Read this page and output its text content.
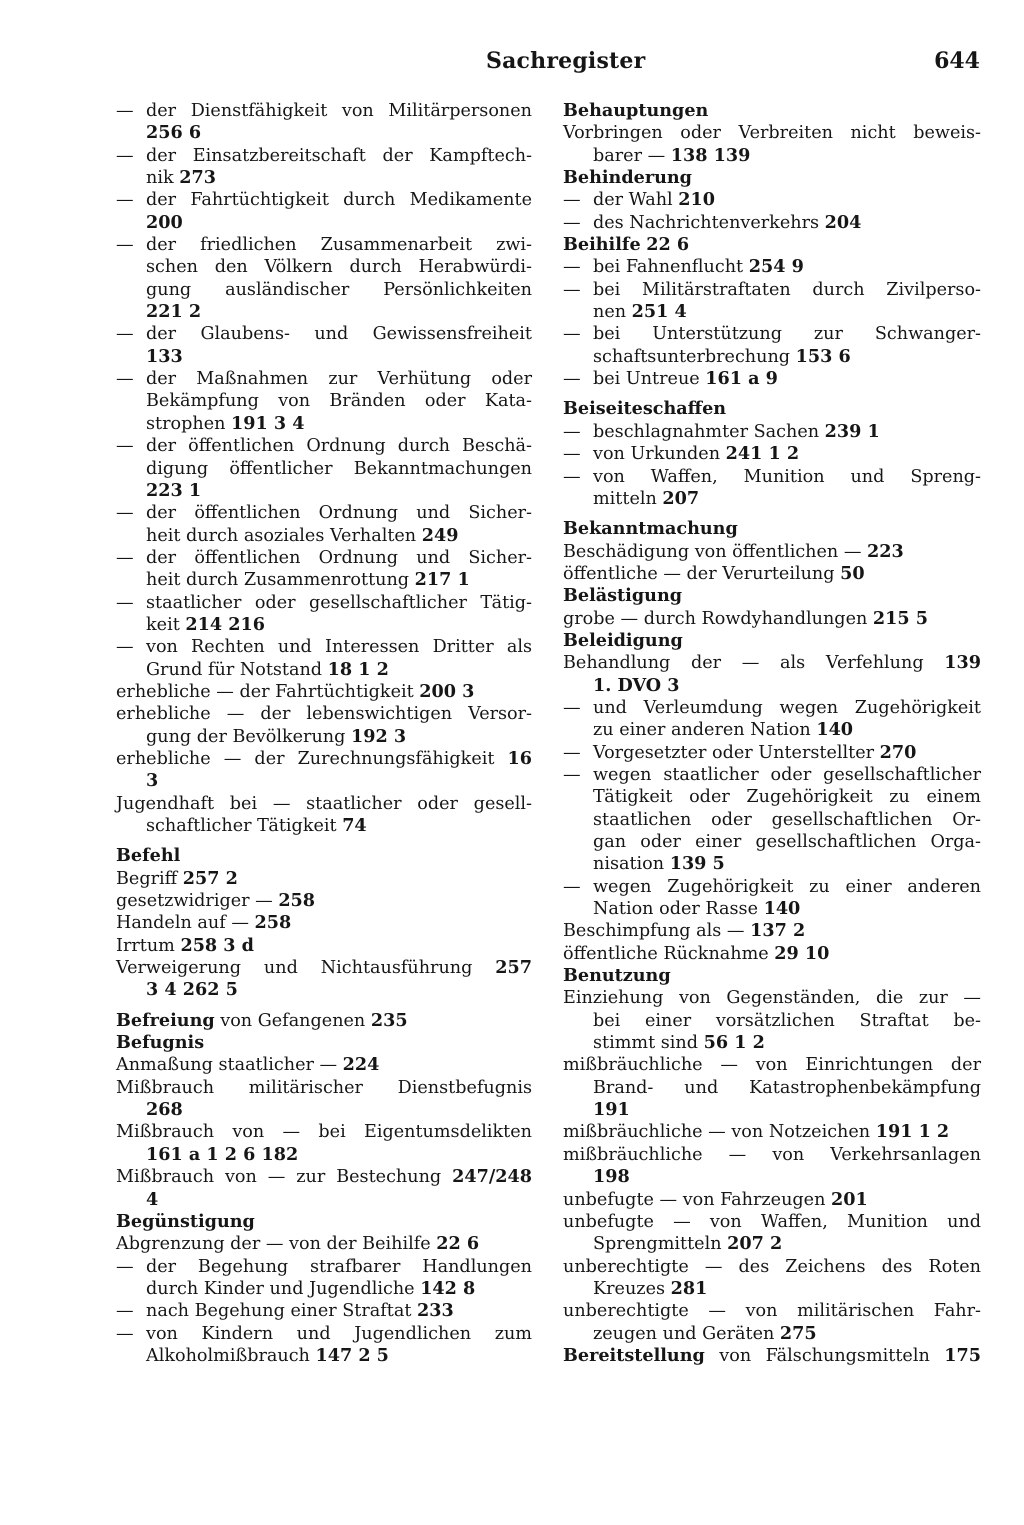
Sachregister	644
— der Dienstfähigkeit von Militärpersonen
256 6
— der Einsatzbereitschaft der Kampftech-
nik 273
— der Fahrtüchtigkeit durch Medikamente
200
— der friedlichen Zusammenarbeit zwi-
schen den Völkern durch Herabwürdi-
gung ausländischer Persönlichkeiten
221 2
— der Glaubens- und Gewissensfreiheit
133
— der Maßnahmen zur Verhütung oder
Bekämpfung von Bränden oder Kata-
strophen 191 3 4
— der öffentlichen Ordnung durch Beschä-
digung öffentlicher Bekanntmachungen
223 1
— der öffentlichen Ordnung und Sicher-
heit durch asoziales Verhalten 249
— der öffentlichen Ordnung und Sicher-
heit durch Zusammenrottung 217 1
— staatlicher oder gesellschaftlicher Tätig-
keit 214 216
— von Rechten und Interessen Dritter als
Grund für Notstand 18 1 2
erhebliche — der Fahrtüchtigkeit 200 3
erhebliche — der lebenswichtigen Versor-
gung der Bevölkerung 192 3
erhebliche — der Zurechnungsfähigkeit 16
3
Jugendhaft bei — staatlicher oder gesell-
schaftlicher Tätigkeit 74
Befehl
Begriff 257 2
gesetzwidriger — 258
Handeln auf — 258
Irrtum 258 3 d
Verweigerung und Nichtausführung 257
3 4 262 5
Befreiung von Gefangenen 235
Befugnis
Anmaßung staatlicher — 224
Mißbrauch militärischer Dienstbefugnis
268
Mißbrauch von — bei Eigentumsdelikten
161 a 1 2 6 182
Mißbrauch von — zur Bestechung 247/248
4
Begünstigung
Abgrenzung der — von der Beihilfe 22 6
— der Begehung strafbarer Handlungen
durch Kinder und Jugendliche 142 8
— nach Begehung einer Straftat 233
— von Kindern und Jugendlichen zum
Alkoholmißbrauch 147 2 5
Behauptungen
Vorbringen oder Verbreiten nicht beweis-
barer — 138 139
Behinderung
— der Wahl 210
— des Nachrichtenverkehrs 204
Beihilfe 22 6
— bei Fahnenflucht 254 9
— bei Militärstraftaten durch Zivilperso-
nen 251 4
— bei Unterstützung zur Schwanger-
schaftsunterbrechung 153 6
— bei Untreue 161 a 9
Beiseiteschaffen
— beschlagnahmter Sachen 239 1
— von Urkunden 241 1 2
— von Waffen, Munition und Spreng-
mitteln 207
Bekanntmachung
Beschädigung von öffentlichen — 223
öffentliche — der Verurteilung 50
Belästigung
grobe — durch Rowdyhandlungen 215 5
Beleidigung
Behandlung der — als Verfehlung 139
1. DVO 3
— und Verleumdung wegen Zugehörigkeit
zu einer anderen Nation 140
— Vorgesetzter oder Unterstellter 270
— wegen staatlicher oder gesellschaftlicher
Tätigkeit oder Zugehörigkeit zu einem
staatlichen oder gesellschaftlichen Or-
gan oder einer gesellschaftlichen Orga-
nisation 139 5
— wegen Zugehörigkeit zu einer anderen
Nation oder Rasse 140
Beschimpfung als — 137 2
öffentliche Rücknahme 29 10
Benutzung
Einziehung von Gegenständen, die zur —
bei einer vorsätzlichen Straftat be-
stimmt sind 56 1 2
mißbräuchliche — von Einrichtungen der
Brand- und Katastrophenbekämpfung
191
mißbräuchliche — von Notzeichen 191 1 2
mißbräuchliche — von Verkehrsanlagen
198
unbefugte — von Fahrzeugen 201
unbefugte — von Waffen, Munition und
Sprengmitteln 207 2
unberechtigte — des Zeichens des Roten
Kreuzes 281
unberechtigte — von militärischen Fahr-
zeugen und Geräten 275
Bereitstellung von Fälschungsmitteln 175
